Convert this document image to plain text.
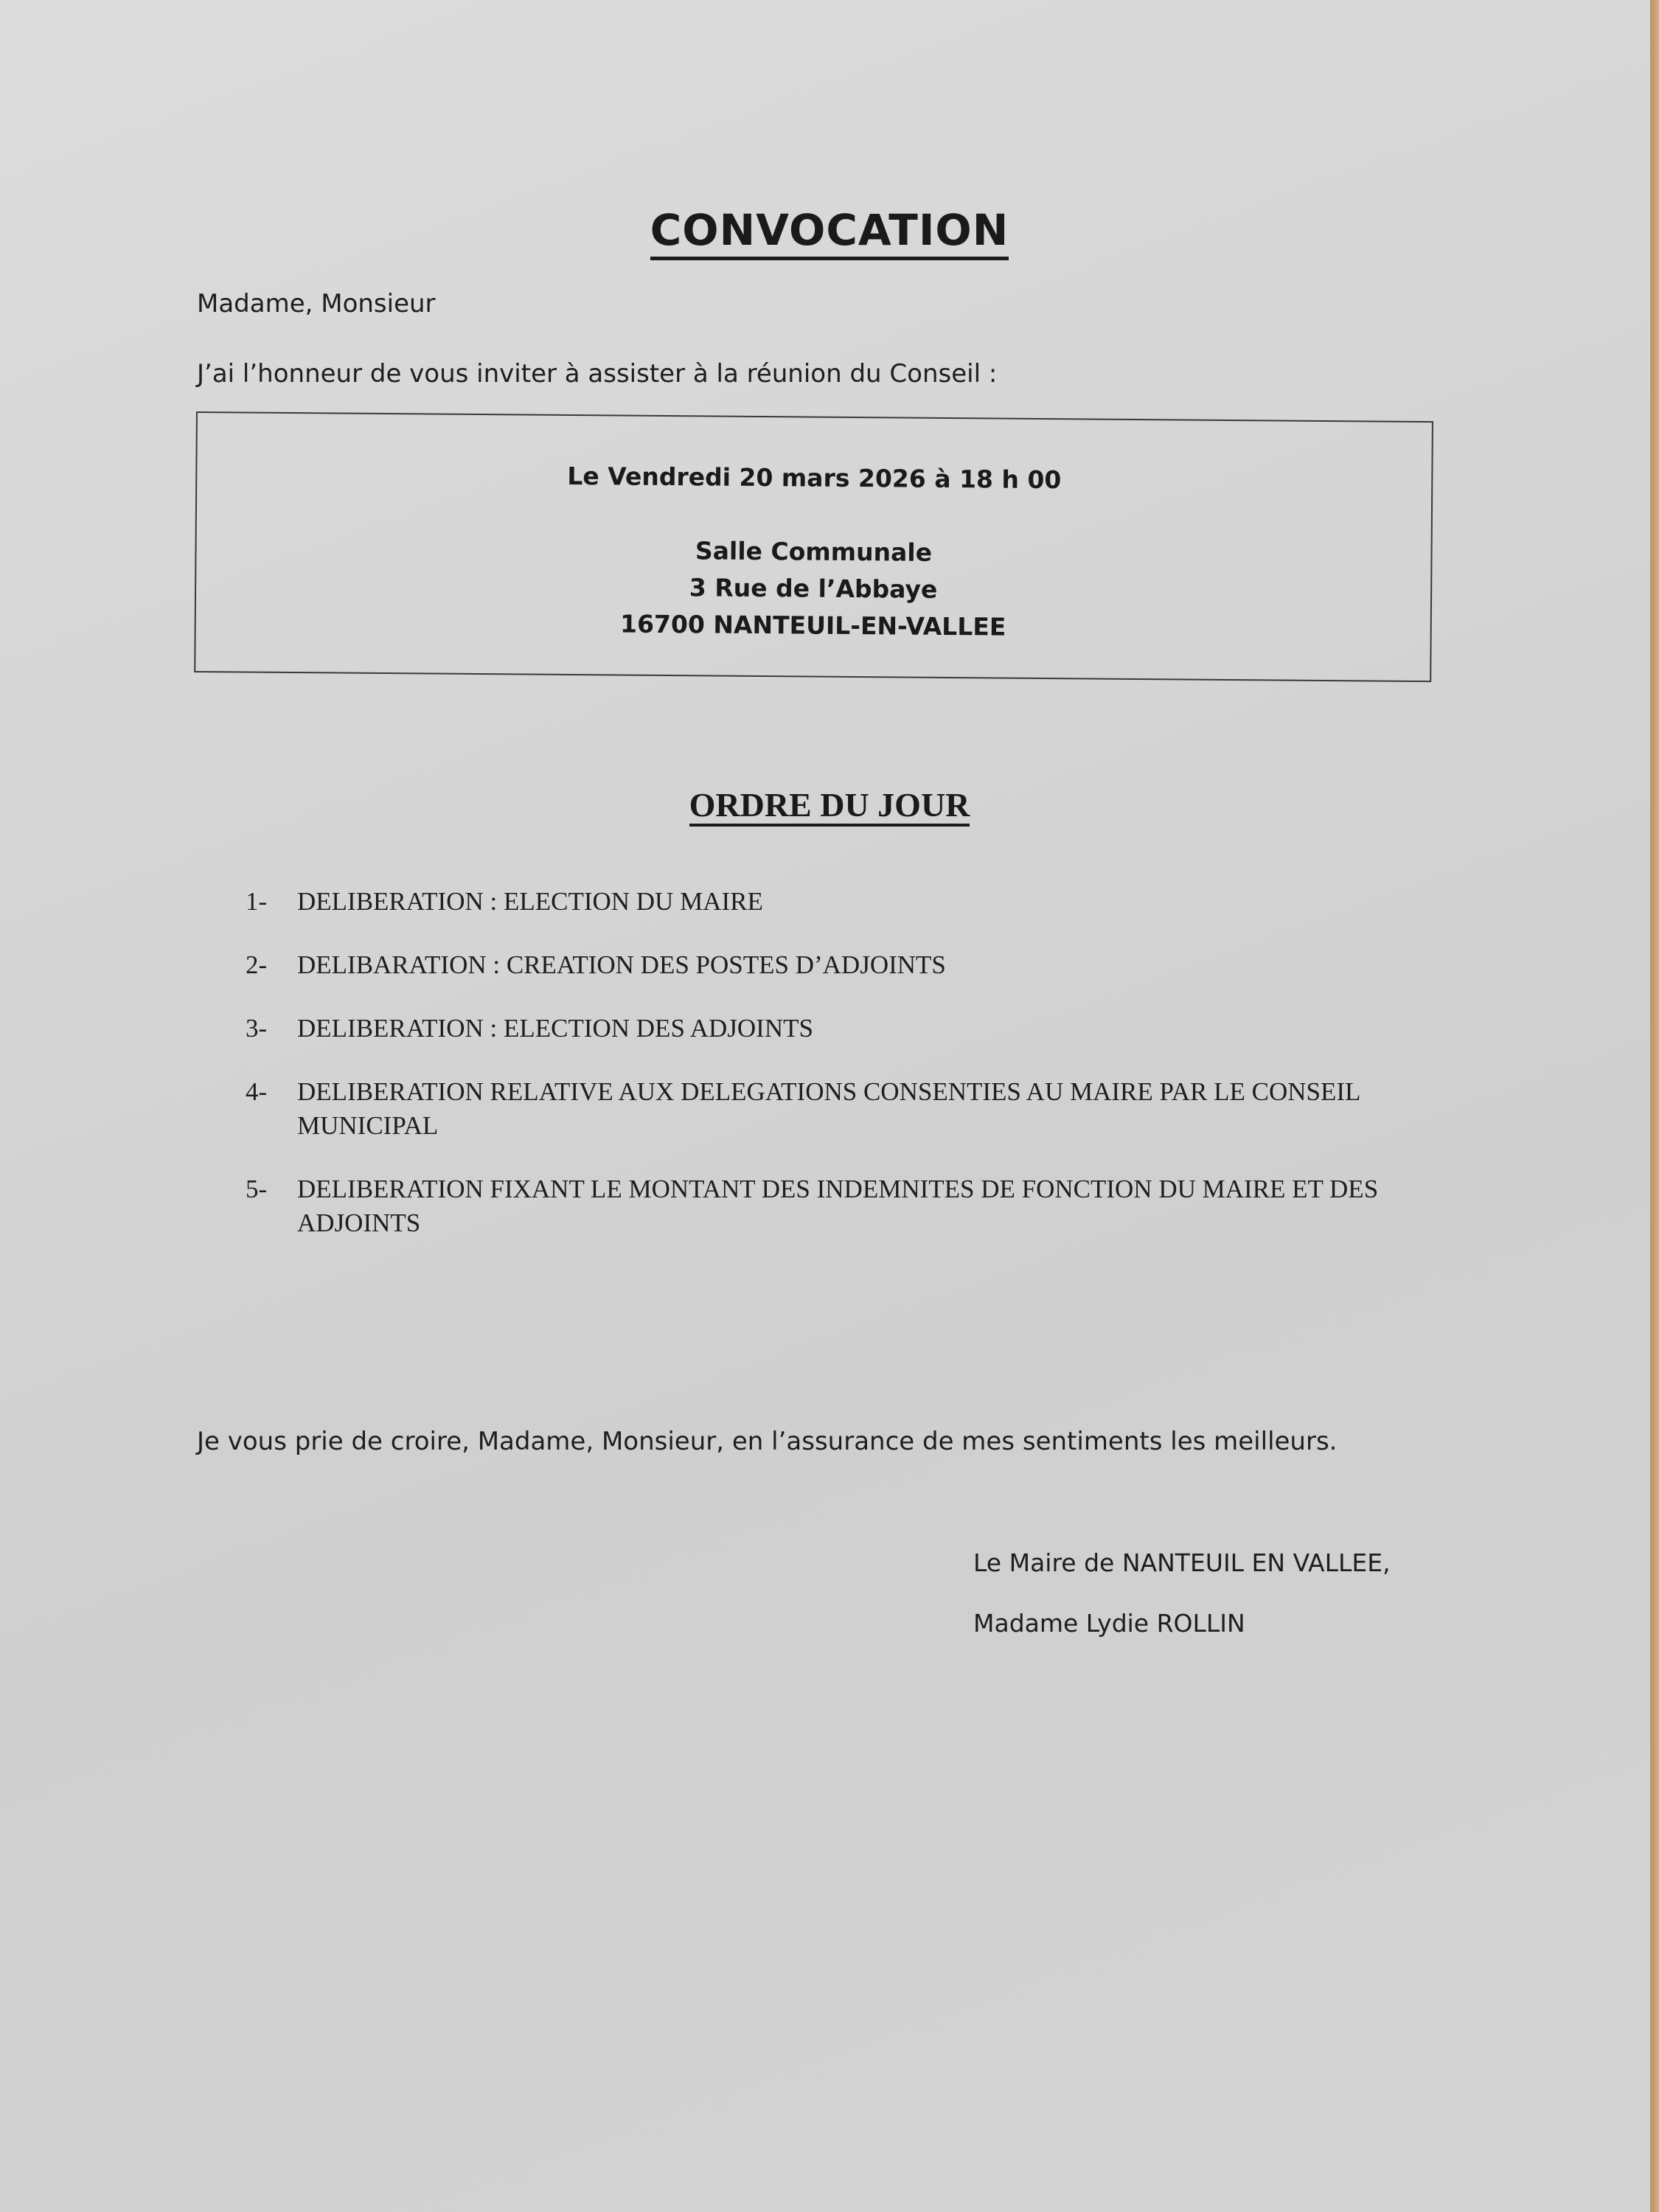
CONVOCATION
Madame, Monsieur
J’ai l’honneur de vous inviter à assister à la réunion du Conseil :
Le Vendredi 20 mars 2026 à 18 h 00
Salle Communale
3 Rue de l’Abbaye
16700 NANTEUIL-EN-VALLEE
ORDRE DU JOUR
1- DELIBERATION : ELECTION DU MAIRE
2- DELIBARATION : CREATION DES POSTES D’ADJOINTS
3- DELIBERATION : ELECTION DES ADJOINTS
4- DELIBERATION RELATIVE AUX DELEGATIONS CONSENTIES AU MAIRE PAR LE CONSEIL MUNICIPAL
5- DELIBERATION FIXANT LE MONTANT DES INDEMNITES DE FONCTION DU MAIRE ET DES ADJOINTS
Je vous prie de croire, Madame, Monsieur, en l’assurance de mes sentiments les meilleurs.
Le Maire de NANTEUIL EN VALLEE,
Madame Lydie ROLLIN
